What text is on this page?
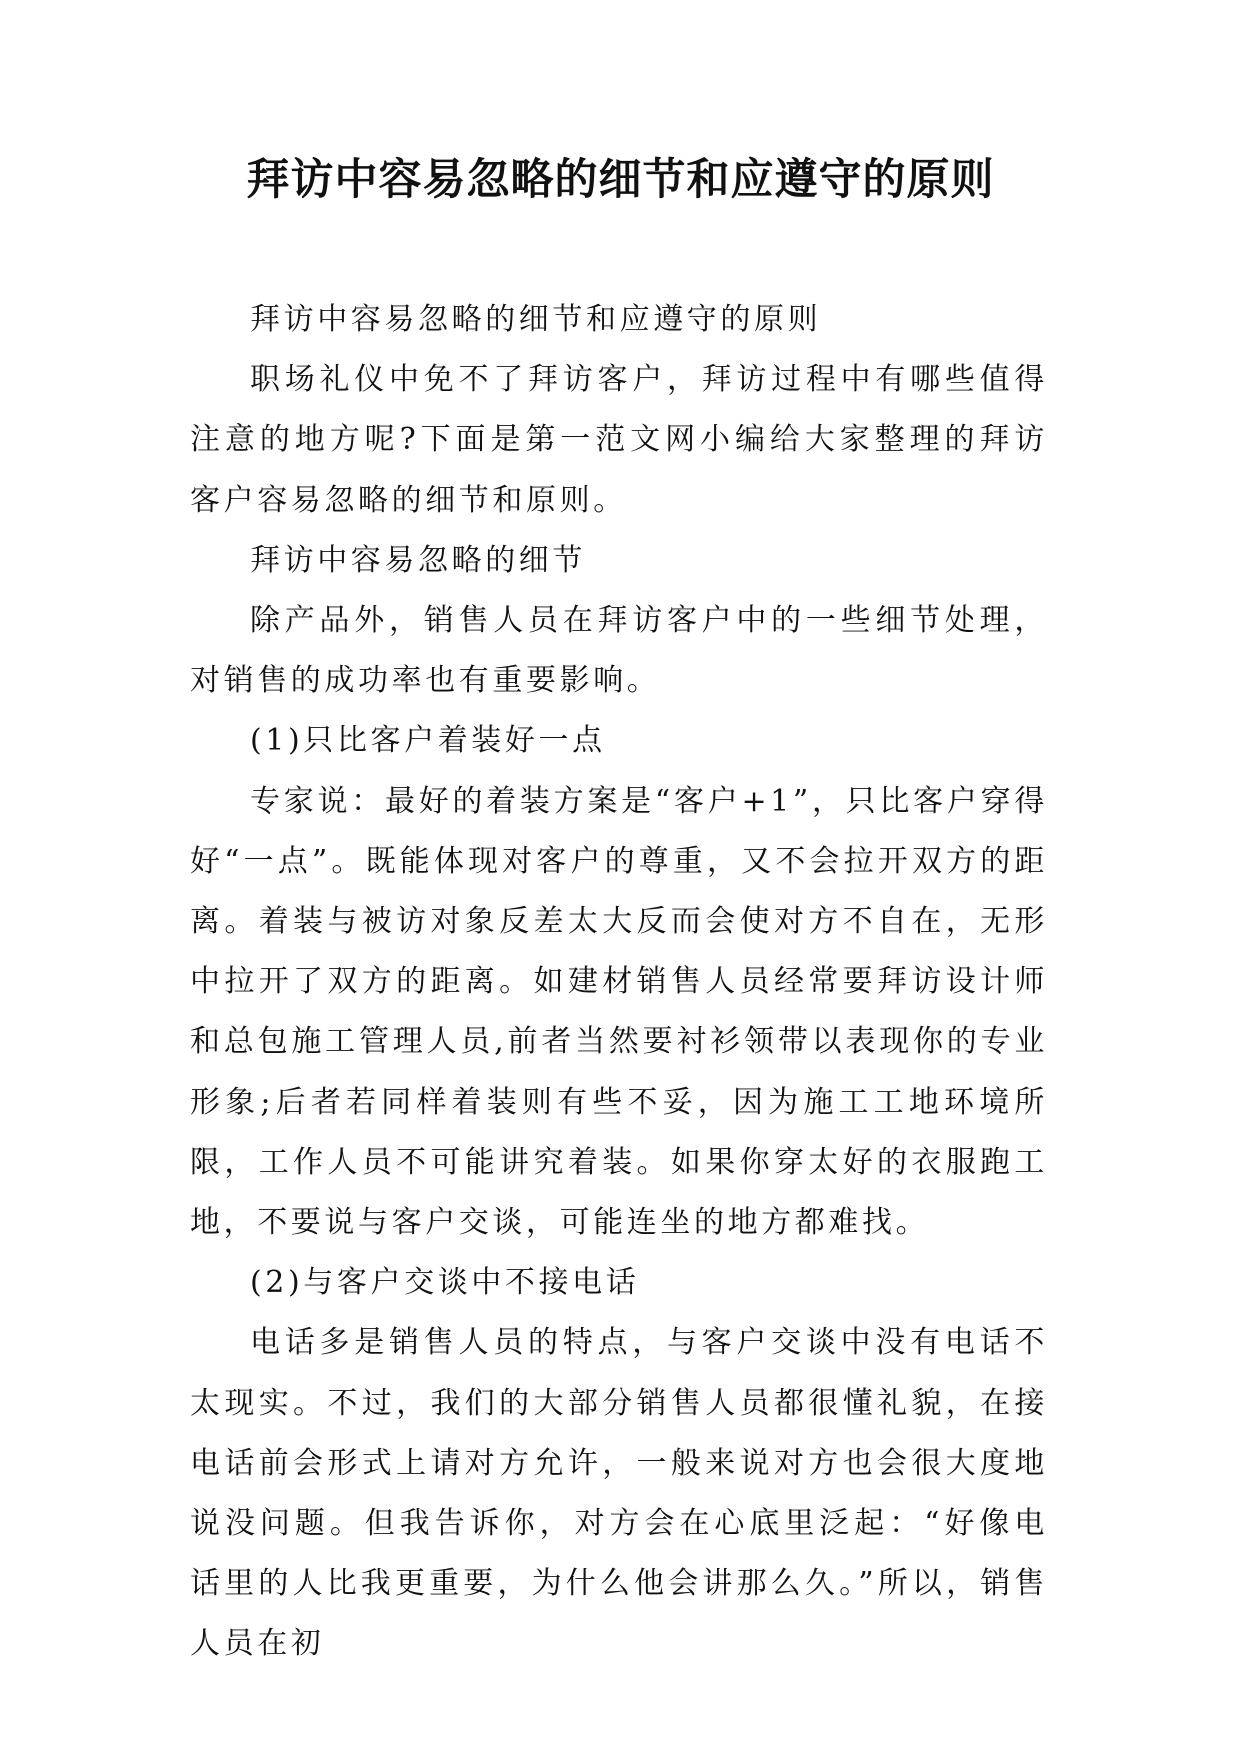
拜访中容易忽略的细节和应遵守的原则

拜访中容易忽略的细节和应遵守的原则

职场礼仪中免不了拜访客户，拜访过程中有哪些值得注意的地方呢?下面是第一范文网小编给大家整理的拜访客户容易忽略的细节和原则。

拜访中容易忽略的细节

除产品外，销售人员在拜访客户中的一些细节处理，对销售的成功率也有重要影响。

(1)只比客户着装好一点

专家说：最好的着装方案是“客户+1”，只比客户穿得好“一点”。既能体现对客户的尊重，又不会拉开双方的距离。着装与被访对象反差太大反而会使对方不自在，无形中拉开了双方的距离。如建材销售人员经常要拜访设计师和总包施工管理人员,前者当然要衬衫领带以表现你的专业形象;后者若同样着装则有些不妥，因为施工工地环境所限，工作人员不可能讲究着装。如果你穿太好的衣服跑工地，不要说与客户交谈，可能连坐的地方都难找。

(2)与客户交谈中不接电话

电话多是销售人员的特点，与客户交谈中没有电话不太现实。不过，我们的大部分销售人员都很懂礼貌，在接电话前会形式上请对方允许，一般来说对方也会很大度地说没问题。但我告诉你，对方会在心底里泛起：“好像电话里的人比我更重要，为什么他会讲那么久。”所以，销售人员在初
